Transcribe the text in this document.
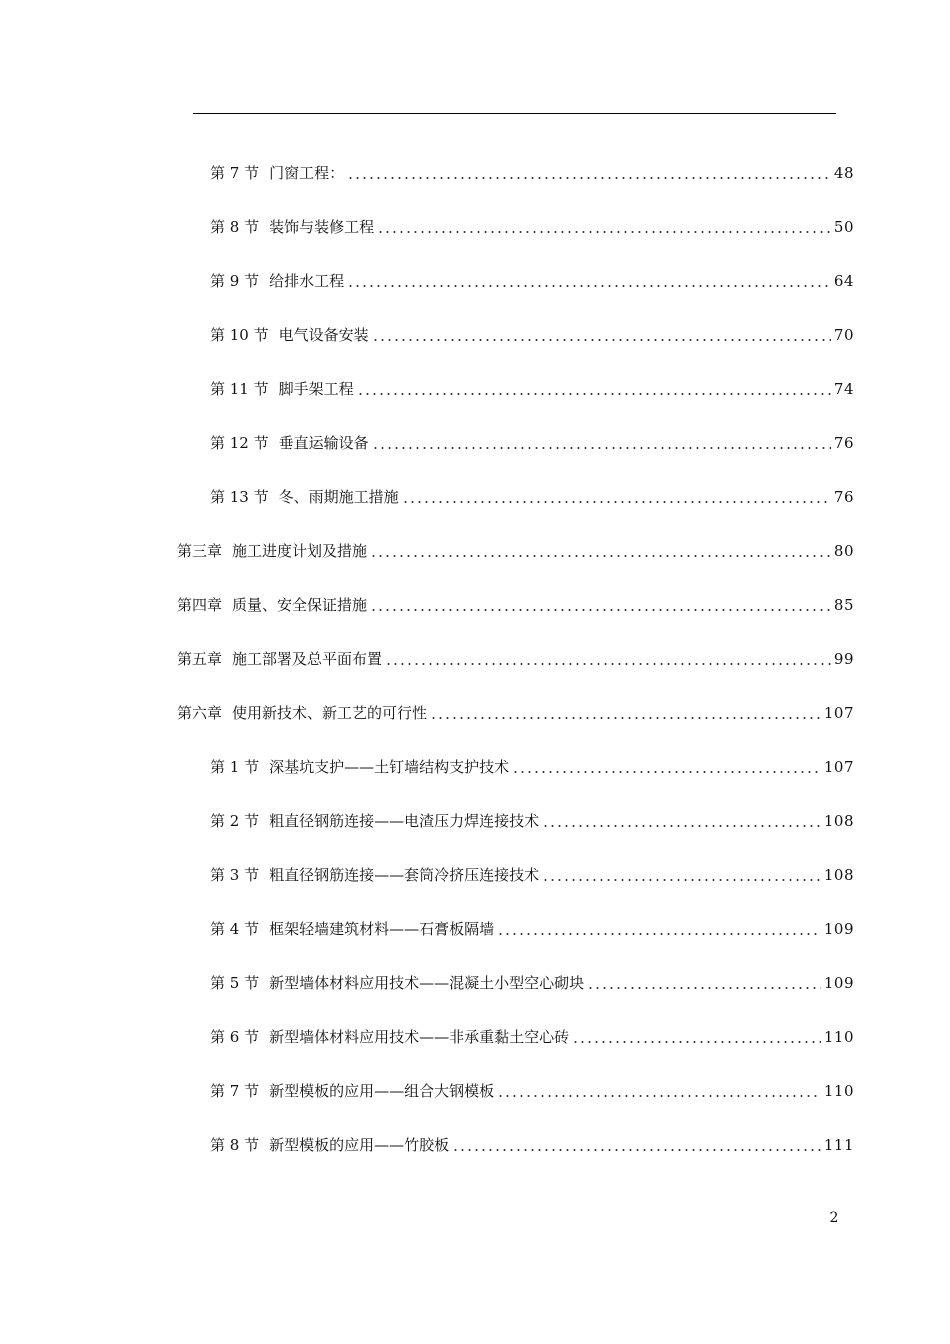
第 7 节 门窗工程：	48
第 8 节 装饰与装修工程	50
第 9 节 给排水工程	64
第 10 节 电气设备安装	70
第 11 节 脚手架工程	74
第 12 节 垂直运输设备	76
第 13 节 冬、雨期施工措施	76
第三章 施工进度计划及措施	80
第四章 质量、安全保证措施	85
第五章 施工部署及总平面布置	99
第六章 使用新技术、新工艺的可行性	107
第 1 节 深基坑支护——土钉墙结构支护技术	107
第 2 节 粗直径钢筋连接——电渣压力焊连接技术	108
第 3 节 粗直径钢筋连接——套筒冷挤压连接技术	108
第 4 节 框架轻墙建筑材料——石膏板隔墙	109
第 5 节 新型墙体材料应用技术——混凝土小型空心砌块	109
第 6 节 新型墙体材料应用技术——非承重黏土空心砖	110
第 7 节 新型模板的应用——组合大钢模板	110
第 8 节 新型模板的应用——竹胶板	111
2
